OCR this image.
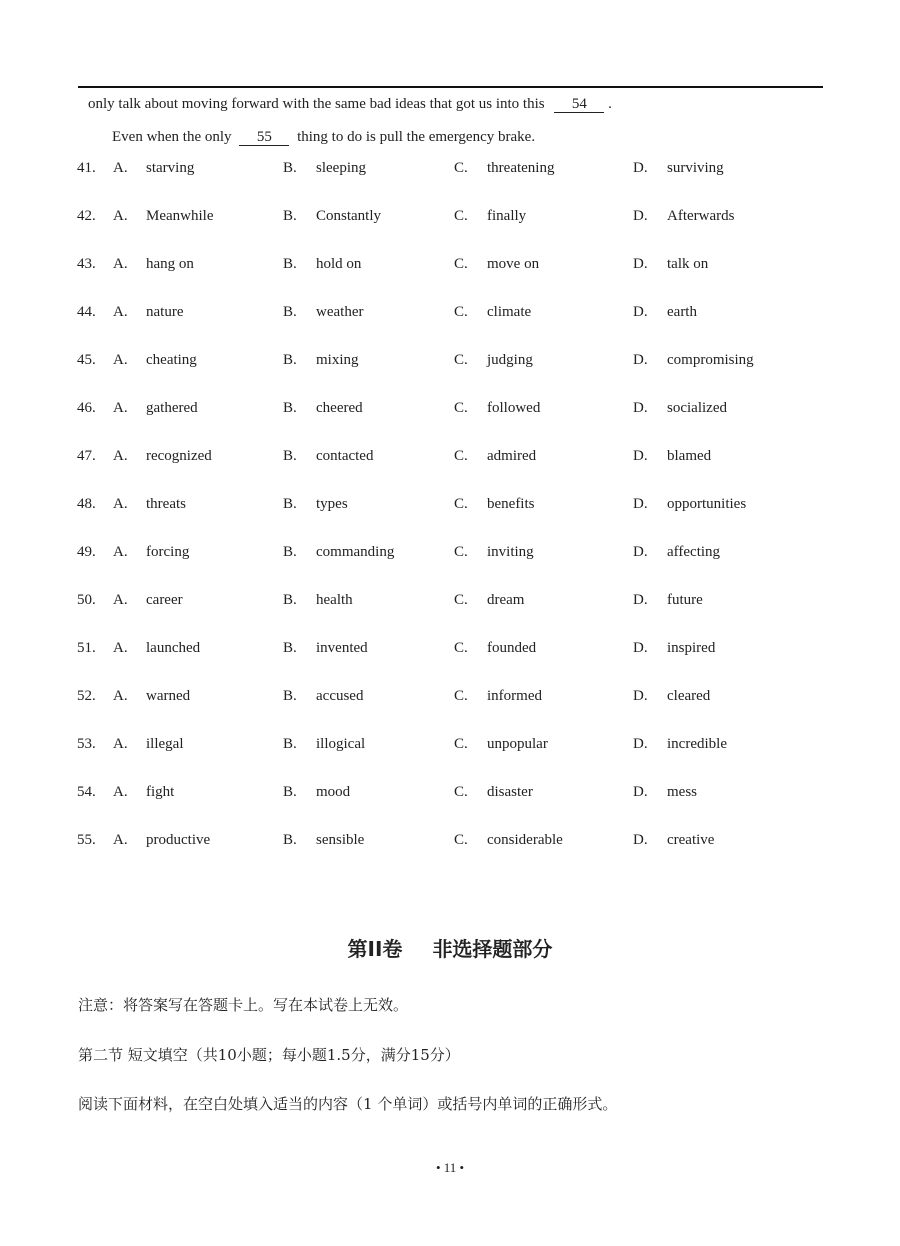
only talk about moving forward with the same bad ideas that got us into this 54 .
Even when the only 55 thing to do is pull the emergency brake.
41. A. starving	B. sleeping	C. threatening	D. surviving
42. A. Meanwhile	B. Constantly	C. finally	D. Afterwards
43. A. hang on	B. hold on	C. move on	D. talk on
44. A. nature	B. weather	C. climate	D. earth
45. A. cheating	B. mixing	C. judging	D. compromising
46. A. gathered	B. cheered	C. followed	D. socialized
47. A. recognized	B. contacted	C. admired	D. blamed
48. A. threats	B. types	C. benefits	D. opportunities
49. A. forcing	B. commanding	C. inviting	D. affecting
50. A. career	B. health	C. dream	D. future
51. A. launched	B. invented	C. founded	D. inspired
52. A. warned	B. accused	C. informed	D. cleared
53. A. illegal	B. illogical	C. unpopular	D. incredible
54. A. fight	B. mood	C. disaster	D. mess
55. A. productive	B. sensible	C. considerable	D. creative
第II卷 非选择题部分
注意：将答案写在答题卡上。写在本试卷上无效。
第二节 短文填空（共10小题；每小题1.5分，满分15分）
阅读下面材料，在空白处填入适当的内容（1 个单词）或括号内单词的正确形式。
• 11 •
